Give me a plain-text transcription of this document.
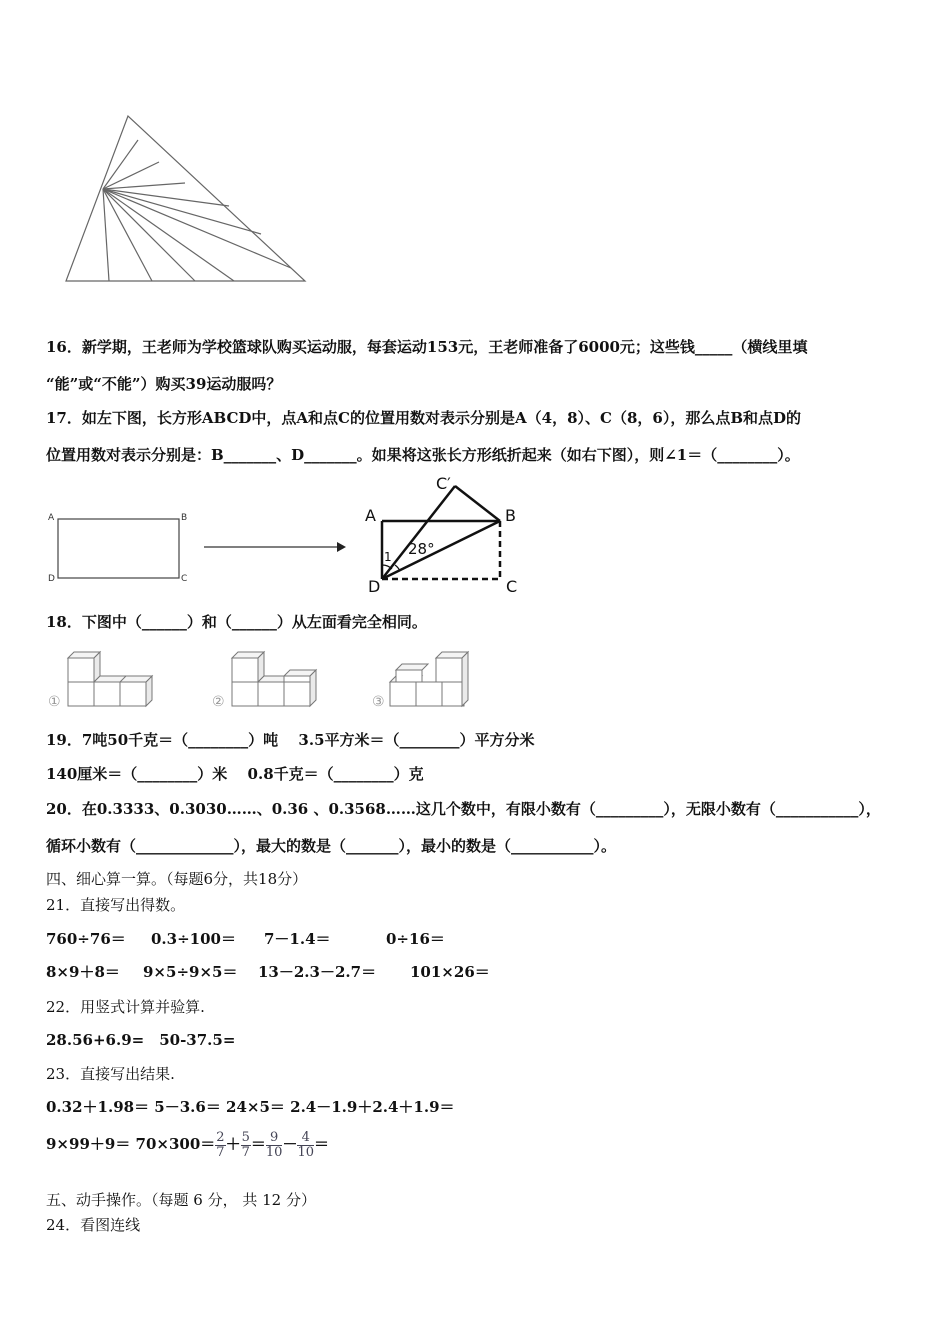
16．新学期，王老师为学校篮球队购买运动服，每套运动153元，王老师准备了6000元；这些钱_____（横线里填
“能”或“不能”）购买39运动服吗？
17．如左下图，长方形ABCD中，点A和点C的位置用数对表示分别是A（4，8）、C（8，6），那么点B和点D的
位置用数对表示分别是：B_______、D_______。如果将这张长方形纸折起来（如右下图），则∠1＝（________）。
A	B
C
D
A	B
C
D
C′
1 28°
18．下图中（______）和（______）从左面看完全相同。
①	②	③
19．7吨50千克＝（________）吨　 3.5平方米＝（________）平方分米
140厘米＝（________）米　 0.8千克＝（________）克
20．在0.3333、0.3030……、0.36 、0.3568……这几个数中，有限小数有（_________），无限小数有（___________），
循环小数有（_____________），最大的数是（_______），最小的数是（___________）。
四、细心算一算。（每题6分，共18分）
21．直接写出得数。
760÷76＝ 0.3÷100＝ 7－1.4＝	0÷16＝
8×9＋8＝ 9×5÷9×5＝ 13－2.3－2.7＝ 101×26＝
22．用竖式计算并验算.
28.56+6.9=　50-37.5=
23．直接写出结果.
0.32＋1.98＝ 5－3.6＝ 24×5＝ 2.4－1.9＋2.4＋1.9＝
$9\times 99+9= 70\times 300= \frac{2}{7} + \frac{5}{7} = \frac{9}{10} - \frac{4}{10}$ ＝
五、动手操作。（每题 6 分， 共 12 分）
24．看图连线
